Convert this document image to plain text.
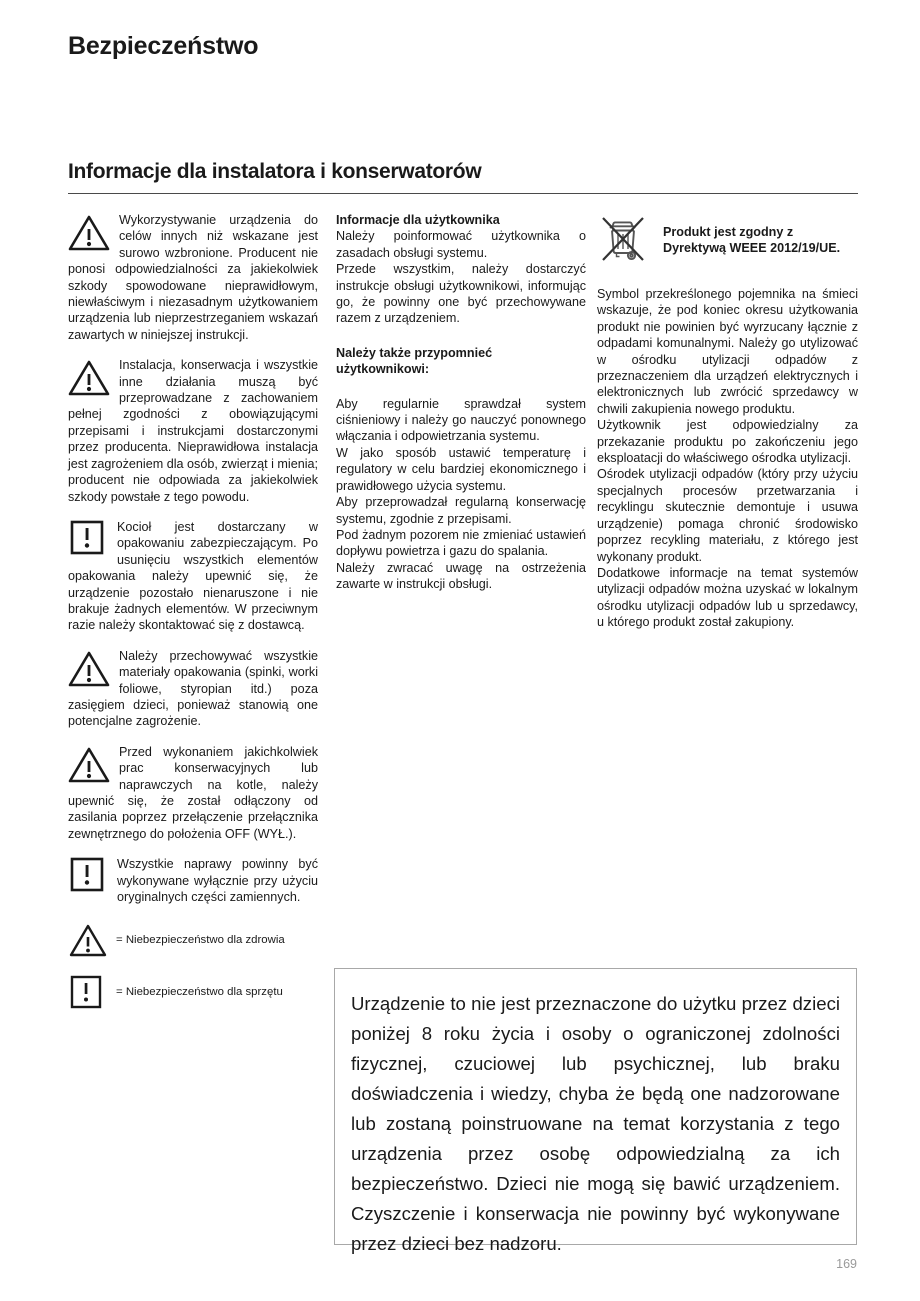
Bezpieczeństwo
Informacje dla instalatora i konserwatorów
Wykorzystywanie urządzenia do celów innych niż wskazane jest surowo wzbronione. Producent nie ponosi odpowiedzialności za jakiekolwiek szkody spowodowane nieprawidłowym, niewłaściwym i niezasadnym użytkowaniem urządzenia lub nieprzestrzeganiem wskazań zawartych w niniejszej instrukcji.
Instalacja, konserwacja i wszystkie inne działania muszą być przeprowadzane z zachowaniem pełnej zgodności z obowiązującymi przepisami i instrukcjami dostarczonymi przez producenta. Nieprawidłowa instalacja jest zagrożeniem dla osób, zwierząt i mienia; producent nie odpowiada za jakiekolwiek szkody powstałe z tego powodu.
Kocioł jest dostarczany w opakowaniu zabezpieczającym. Po usunięciu wszystkich elementów opakowania należy upewnić się, że urządzenie pozostało nienaruszone i nie brakuje żadnych elementów. W przeciwnym razie należy skontaktować się z dostawcą.
Należy przechowywać wszystkie materiały opakowania (spinki, worki foliowe, styropian itd.) poza zasięgiem dzieci, ponieważ stanowią one potencjalne zagrożenie.
Przed wykonaniem jakichkolwiek prac konserwacyjnych lub naprawczych na kotle, należy upewnić się, że został odłączony od zasilania poprzez przełączenie przełącznika zewnętrznego do położenia OFF (WYŁ.).
Wszystkie naprawy powinny być wykonywane wyłącznie przy użyciu oryginalnych części zamiennych.
= Niebezpieczeństwo dla zdrowia
= Niebezpieczeństwo dla sprzętu
Informacje dla użytkownika
Należy poinformować użytkownika o zasadach obsługi systemu.
Przede wszystkim, należy dostarczyć instrukcje obsługi użytkownikowi, informując go, że powinny one być przechowywane razem z urządzeniem.
Należy także przypomnieć użytkownikowi:
Aby regularnie sprawdzał system ciśnieniowy i należy go nauczyć ponownego włączania i odpowietrzania systemu.
W jako sposób ustawić temperaturę i regulatory w celu bardziej ekonomicznego i prawidłowego użycia systemu.
Aby przeprowadzał regularną konserwację systemu, zgodnie z przepisami.
Pod żadnym pozorem nie zmieniać ustawień dopływu powietrza i gazu do spalania.
Należy zwracać uwagę na ostrzeżenia zawarte w instrukcji obsługi.
Produkt jest zgodny z Dyrektywą WEEE 2012/19/UE.
Symbol przekreślonego pojemnika na śmieci wskazuje, że pod koniec okresu użytkowania produkt nie powinien być wyrzucany łącznie z odpadami komunalnymi. Należy go utylizować w ośrodku utylizacji odpadów z przeznaczeniem dla urządzeń elektrycznych i elektronicznych lub zwrócić sprzedawcy w chwili zakupienia nowego produktu.
Użytkownik jest odpowiedzialny za przekazanie produktu po zakończeniu jego eksploatacji do właściwego ośrodka utylizacji.
Ośrodek utylizacji odpadów (który przy użyciu specjalnych procesów przetwarzania i recyklingu skutecznie demontuje i usuwa urządzenie) pomaga chronić środowisko poprzez recykling materiału, z którego jest wykonany produkt.
Dodatkowe informacje na temat systemów utylizacji odpadów można uzyskać w lokalnym ośrodku utylizacji odpadów lub u sprzedawcy, u którego produkt został zakupiony.
Urządzenie to nie jest przeznaczone do użytku przez dzieci poniżej 8 roku życia i osoby o ograniczonej zdolności fizycznej, czuciowej lub psychicznej, lub braku doświadczenia i wiedzy, chyba że będą one nadzorowane lub zostaną poinstruowane na temat korzystania z tego urządzenia przez osobę odpowiedzialną za ich bezpieczeństwo. Dzieci nie mogą się bawić urządzeniem. Czyszczenie i konserwacja nie powinny być wykonywane przez dzieci bez nadzoru.
169
